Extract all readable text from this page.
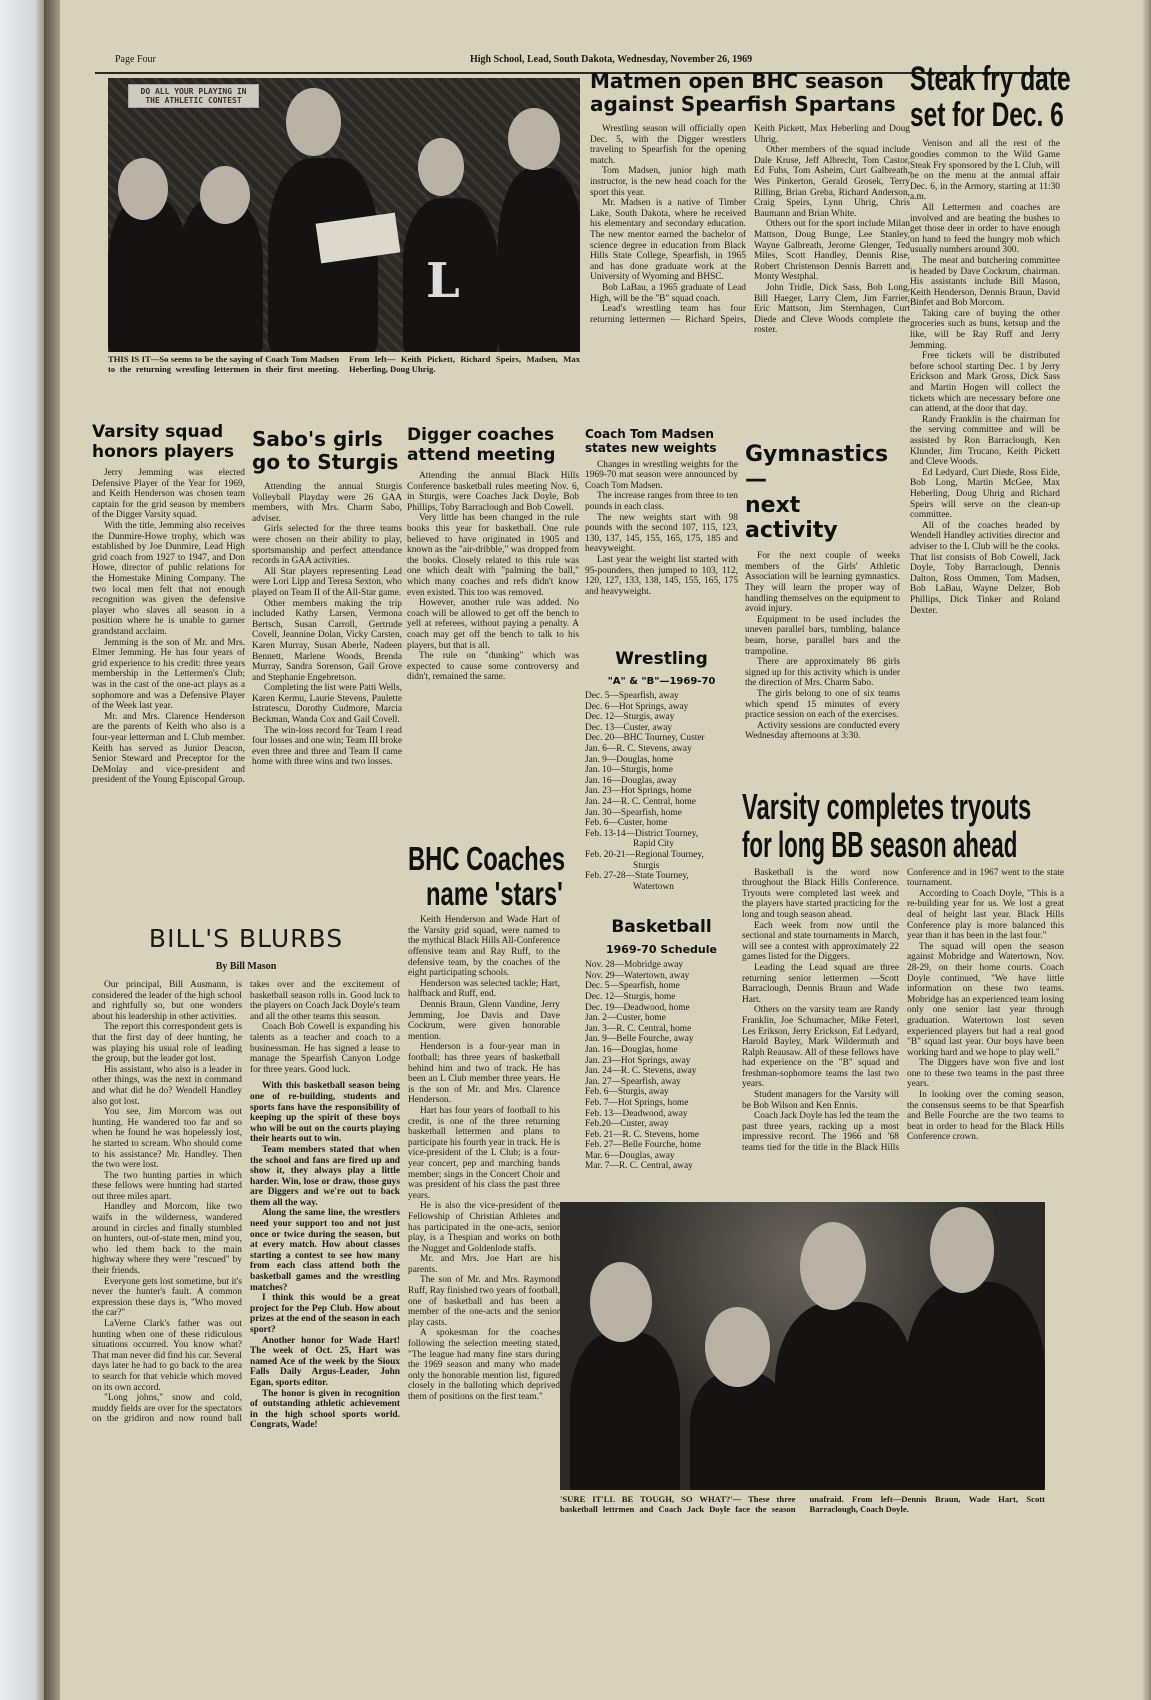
Page Four	High School, Lead, South Dakota, Wednesday, November 26, 1969
DO ALL YOUR PLAYING IN THE ATHLETIC CONTEST
L
THIS IS IT—So seems to be the saying of Coach Tom Madsen to the returning wrestling lettermen in their first meeting. From left— Keith Pickett, Richard Speirs, Madsen, Max Heberling, Doug Uhrig.
Matmen open BHC season against Spearfish Spartans

Wrestling season will officially open Dec. 5, with the Digger wrestlers traveling to Spearfish for the opening match.

Tom Madsen, junior high math instructor, is the new head coach for the sport this year.

Mr. Madsen is a native of Timber Lake, South Dakota, where he received his elementary and secondary education. The new mentor earned the bachelor of science degree in education from Black Hills State College, Spearfish, in 1965 and has done graduate work at the University of Wyoming and BHSC.

Bob LaBau, a 1965 graduate of Lead High, will be the "B" squad coach.

Lead's wrestling team has four returning lettermen — Richard Speirs, Keith Pickett, Max Heberling and Doug Uhrig.

Other members of the squad include Dale Kruse, Jeff Albrecht, Tom Castor, Ed Fuhs, Tom Asheim, Curt Galbreath, Wes Pinkerton, Gerald Grosek, Terry Rilling, Brian Greba, Richard Anderson, Craig Speirs, Lynn Uhrig, Chris Baumann and Brian White.

Others out for the sport include Milan Mattson, Doug Bunge, Lee Stanley, Wayne Galbreath, Jerome Glenger, Ted Miles, Scott Handley, Dennis Rise, Robert Christenson Dennis Barrett and Monty Westphal.

John Tridle, Dick Sass, Bob Long, Bill Haeger, Larry Clem, Jim Farrier, Eric Mattson, Jim Sternhagen, Curt Diede and Cleve Woods complete the roster.

Steak fry date
set for Dec. 6

Venison and all the rest of the goodies common to the Wild Game Steak Fry sponsored by the L Club, will be on the menu at the annual affair Dec. 6, in the Armory, starting at 11:30 a.m.

All Lettermen and coaches are involved and are beating the bushes to get those deer in order to have enough on hand to feed the hungry mob which usually numbers around 300.

The meat and butchering committee is headed by Dave Cockrum, chairman. His assistants include Bill Mason, Keith Henderson, Dennis Braun, David Binfet and Bob Morcom.

Taking care of buying the other groceries such as buns, ketsup and the like, will be Ray Ruff and Jerry Jemming.

Free tickets will be distributed before school starting Dec. 1 by Jerry Erickson and Mark Gross, Dick Sass and Martin Hogen will collect the tickets which are necessary before one can attend, at the door that day.

Randy Franklin is the chairman for the serving committee and will be assisted by Ron Barraclough, Ken Klunder, Jim Trucano, Keith Pickett and Cleve Woods.

Ed Ledyard, Curt Diede, Ross Eide, Bob Long, Martin McGee, Max Heberling, Doug Uhrig and Richard Speirs will serve on the clean-up committee.

All of the coaches headed by Wendell Handley activities director and adviser to the L Club will be the cooks. That list consists of Bob Cowell, Jack Doyle, Toby Barraclough, Dennis Dalton, Ross Ommen, Tom Madsen, Bob LaBau, Wayne Delzer, Bob Phillips, Dick Tinker and Roland Dexter.

Coach Tom Madsen states new weights

Changes in wrestling weights for the 1969-70 mat season were announced by Coach Tom Madsen.

The increase ranges from three to ten pounds in each class.

The new weights start with 98 pounds with the second 107, 115, 123, 130, 137, 145, 155, 165, 175, 185 and heavyweight.

Last year the weight list started with 95-pounders, then jumped to 103, 112, 120, 127, 133, 138, 145, 155, 165, 175 and heavyweight.

Wrestling
"A" & "B"—1969-70
Dec. 5—Spearfish, away
Dec. 6—Hot Springs, away
Dec. 12—Sturgis, away
Dec. 13—Custer, away
Dec. 20—BHC Tourney, Custer
Jan. 6—R. C. Stevens, away
Jan. 9—Douglas, home
Jan. 10—Sturgis, home
Jan. 16—Douglas, away
Jan. 23—Hot Springs, home
Jan. 24—R. C. Central, home
Jan. 30—Spearfish, home
Feb. 6—Custer, home
Feb. 13-14—District Tourney,
Rapid City
Feb. 20-21—Regional Tourney,
Sturgis
Feb. 27-28—State Tourney,
Watertown
Basketball
1969-70 Schedule
Nov. 28—Mobridge away
Nov. 29—Watertown, away
Dec. 5—Spearfish, home
Dec. 12—Sturgis, home
Dec. 19—Deadwood, home
Jan. 2—Custer, home
Jan. 3—R. C. Central, home
Jan. 9—Belle Fourche, away
Jan. 16—Douglas, home
Jan. 23—Hot Springs, away
Jan. 24—R. C. Stevens, away
Jan. 27—Spearfish, away
Feb. 6—Sturgis, away
Feb. 7—Hot Springs, home
Feb. 13—Deadwood, away
Feb.20—Custer, away
Feb. 21—R. C. Stevens, home
Feb. 27—Belle Fourche, home
Mar. 6—Douglas, away
Mar. 7—R. C. Central, away
Gymnastics —
next activity

For the next couple of weeks members of the Girls' Athletic Association will be learning gymnastics. They will learn the proper way of handling themselves on the equipment to avoid injury.

Equipment to be used includes the uneven parallel bars, tumbling, balance beam, horse, parallel bars and the trampoline.

There are approximately 86 girls signed up for this activity which is under the direction of Mrs. Charm Sabo.

The girls belong to one of six teams which spend 15 minutes of every practice session on each of the exercises.

Activity sessions are conducted every Wednesday afternoons at 3:30.

Varsity completes tryouts
for long BB season ahead

Basketball is the word now throughout the Black Hills Conference. Tryouts were completed last week and the players have started practicing for the long and tough season ahead.

Each week from now until the sectional and state tournaments in March, will see a contest with approximately 22 games listed for the Diggers.

Leading the Lead squad are three returning senior lettermen —Scott Barraclough, Dennis Braun and Wade Hart.

Others on the varsity team are Randy Franklin, Joe Schumacher, Mike Feterl, Les Erikson, Jerry Erickson, Ed Ledyard, Harold Bayley, Mark Wildermuth and Ralph Reausaw. All of these fellows have had experience on the "B" squad and freshman-sophomore teams the last two years.

Student managers for the Varsity will be Bob Wilson and Ken Ennis.

Coach Jack Doyle has led the team the past three years, racking up a most impressive record. The 1966 and '68 teams tied for the title in the Black Hills Conference and in 1967 went to the state tournament.

According to Coach Doyle, "This is a re-building year for us. We lost a great deal of height last year. Black Hills Conference play is more balanced this year than it has been in the last four."

The squad will open the season against Mobridge and Watertown, Nov. 28-29, on their home courts. Coach Doyle continued, "We have little information on these two teams. Mobridge has an experienced team losing only one senior last year through graduation. Watertown lost seven experienced players but had a real good "B" squad last year. Our boys have been working hard and we hope to play well."

The Diggers have won five and lost one to these two teams in the past three years.

In looking over the coming season, the consensus seems to be that Spearfish and Belle Fourche are the two teams to beat in order to head for the Black Hills Conference crown.

'SURE IT'LL BE TOUGH, SO WHAT?'— These three basketball lettrmen and Coach Jack Doyle face the season unafraid. From left—Dennis Braun, Wade Hart, Scott Barraclough, Coach Doyle.
Varsity squad honors players

Jerry Jemming was elected Defensive Player of the Year for 1969, and Keith Henderson was chosen team captain for the grid season by members of the Digger Varsity squad.

With the title, Jemming also receives the Dunmire-Howe trophy, which was established by Joe Dunmire, Lead High grid coach from 1927 to 1947, and Don Howe, director of public relations for the Homestake Mining Company. The two local men felt that not enough recognition was given the defensive player who slaves all season in a position where he is unable to garner grandstand acclaim.

Jemming is the son of Mr. and Mrs. Elmer Jemming. He has four years of grid experience to his credit: three years membership in the Lettermen's Club; was in the cast of the one-act plays as a sophomore and was a Defensive Player of the Week last year.

Mr. and Mrs. Clarence Henderson are the parents of Keith who also is a four-year letterman and L Club member. Keith has served as Junior Deacon, Senior Steward and Preceptor for the DeMolay and vice-president and president of the Young Episcopal Group.

Sabo's girls go to Sturgis

Attending the annual Sturgis Volleyball Playday were 26 GAA members, with Mrs. Charm Sabo, adviser.

Girls selected for the three teams were chosen on their ability to play, sportsmanship and perfect attendance records in GAA activities.

All Star players representing Lead were Lori Lipp and Teresa Sexton, who played on Team II of the All-Star game.

Other members making the trip included Kathy Larsen, Vermona Bertsch, Susan Carroll, Gertrude Covell, Jeannine Dolan, Vicky Carsten, Karen Murray, Susan Aberle, Nadeen Bennett, Marlene Woods, Brenda Murray, Sandra Sorenson, Gail Grove and Stephanie Engebretson.

Completing the list were Patti Wells, Karen Kermu, Laurie Stevens, Paulette Istratescu, Dorothy Cudmore, Marcia Beckman, Wanda Cox and Gail Covell.

The win-loss record for Team I read four losses and one win; Team III broke even three and three and Team II came home with three wins and two losses.

Digger coaches attend meeting

Attending the annual Black Hills Conference basketball rules meeting Nov. 6, in Sturgis, were Coaches Jack Doyle, Bob Phillips, Toby Barraclough and Bob Cowell.

Very little has been changed in the rule books this year for basketball. One rule believed to have originated in 1905 and known as the "air-dribble," was dropped from the books. Closely related to this rule was one which dealt with "palming the ball," which many coaches and refs didn't know even existed. This too was removed.

However, another rule was added. No coach will be allowed to get off the bench to yell at referees, without paying a penalty. A coach may get off the bench to talk to his players, but that is all.

The rule on "dunking" which was expected to cause some controversy and didn't, remained the same.

BHC Coaches
name 'stars'

Keith Henderson and Wade Hart of the Varsity grid squad, were named to the mythical Black Hills All-Conference offensive team and Ray Ruff, to the defensive team, by the coaches of the eight participating schools.

Henderson was selected tackle; Hart, halfback and Ruff, end.

Dennis Braun, Glenn Vandine, Jerry Jemming, Joe Davis and Dave Cockrum, were given honorable mention.

Henderson is a four-year man in football; has three years of basketball behind him and two of track. He has been an L Club member three years. He is the son of Mr. and Mrs. Clarence Henderson.

Hart has four years of football to his credit, is one of the three returning basketball lettermen and plans to participate his fourth year in track. He is vice-president of the L Club; is a four-year concert, pep and marching bands member; sings in the Concert Choir and was president of his class the past three years.

He is also the vice-president of the Fellowship of Christian Athletes and has participated in the one-acts, senior play, is a Thespian and works on both the Nugget and Goldenlode staffs.

Mr. and Mrs. Joe Hart are his parents.

The son of Mr. and Mrs. Raymond Ruff, Ray finished two years of football, one of basketball and has been a member of the one-acts and the senior play casts.

A spokesman for the coaches following the selection meeting stated, "The league had many fine stars during the 1969 season and many who made only the honorable mention list, figured closely in the balloting which deprived them of positions on the first team."

BILL'S BLURBS
By Bill Mason

Our principal, Bill Ausmann, is considered the leader of the high school and rightfully so, but one wonders about his leadership in other activities.

The report this correspondent gets is that the first day of deer hunting, he was playing his usual role of leading the group, but the leader got lost.

His assistant, who also is a leader in other things, was the next in command and what did he do? Wendell Handley also got lost.

You see, Jim Morcom was out hunting. He wandered too far and so when he found he was hopelessly lost, he started to scream. Who should come to his assistance? Mr. Handley. Then the two were lost.

The two hunting parties in which these fellows were hunting had started out three miles apart.

Handley and Morcom, like two waifs in the wilderness, wandered around in circles and finally stumbled on hunters, out-of-state men, mind you, who led them back to the main highway where they were "rescued" by their friends.

Everyone gets lost sometime, but it's never the hunter's fault. A common expression these days is, "Who moved the car?"

LaVerne Clark's father was out hunting when one of these ridiculous situations occurred. You know what? That man never did find his car. Several days later he had to go back to the area to search for that vehicle which moved on its own accord.

"Long johns," snow and cold, muddy fields are over for the spectators on the gridiron and now round ball takes over and the excitement of basketball season rolls in. Good luck to the players on Coach Jack Doyle's team and all the other teams this season.

Coach Bob Cowell is expanding his talents as a teacher and coach to a businessman. He has signed a lease to manage the Spearfish Canyon Lodge for three years. Good luck.

With this basketball season being one of re-building, students and sports fans have the responsibility of keeping up the spirit of these boys who will be out on the courts playing their hearts out to win.

Team members stated that when the school and fans are fired up and show it, they always play a little harder. Win, lose or draw, those guys are Diggers and we're out to back them all the way.

Along the same line, the wrestlers need your support too and not just once or twice during the season, but at every match. How about classes starting a contest to see how many from each class attend both the basketball games and the wrestling matches?

I think this would be a great project for the Pep Club. How about prizes at the end of the season in each sport?

Another honor for Wade Hart! The week of Oct. 25, Hart was named Ace of the week by the Sioux Falls Daily Argus-Leader, John Egan, sports editor.

The honor is given in recognition of outstanding athletic achievement in the high school sports world. Congrats, Wade!
